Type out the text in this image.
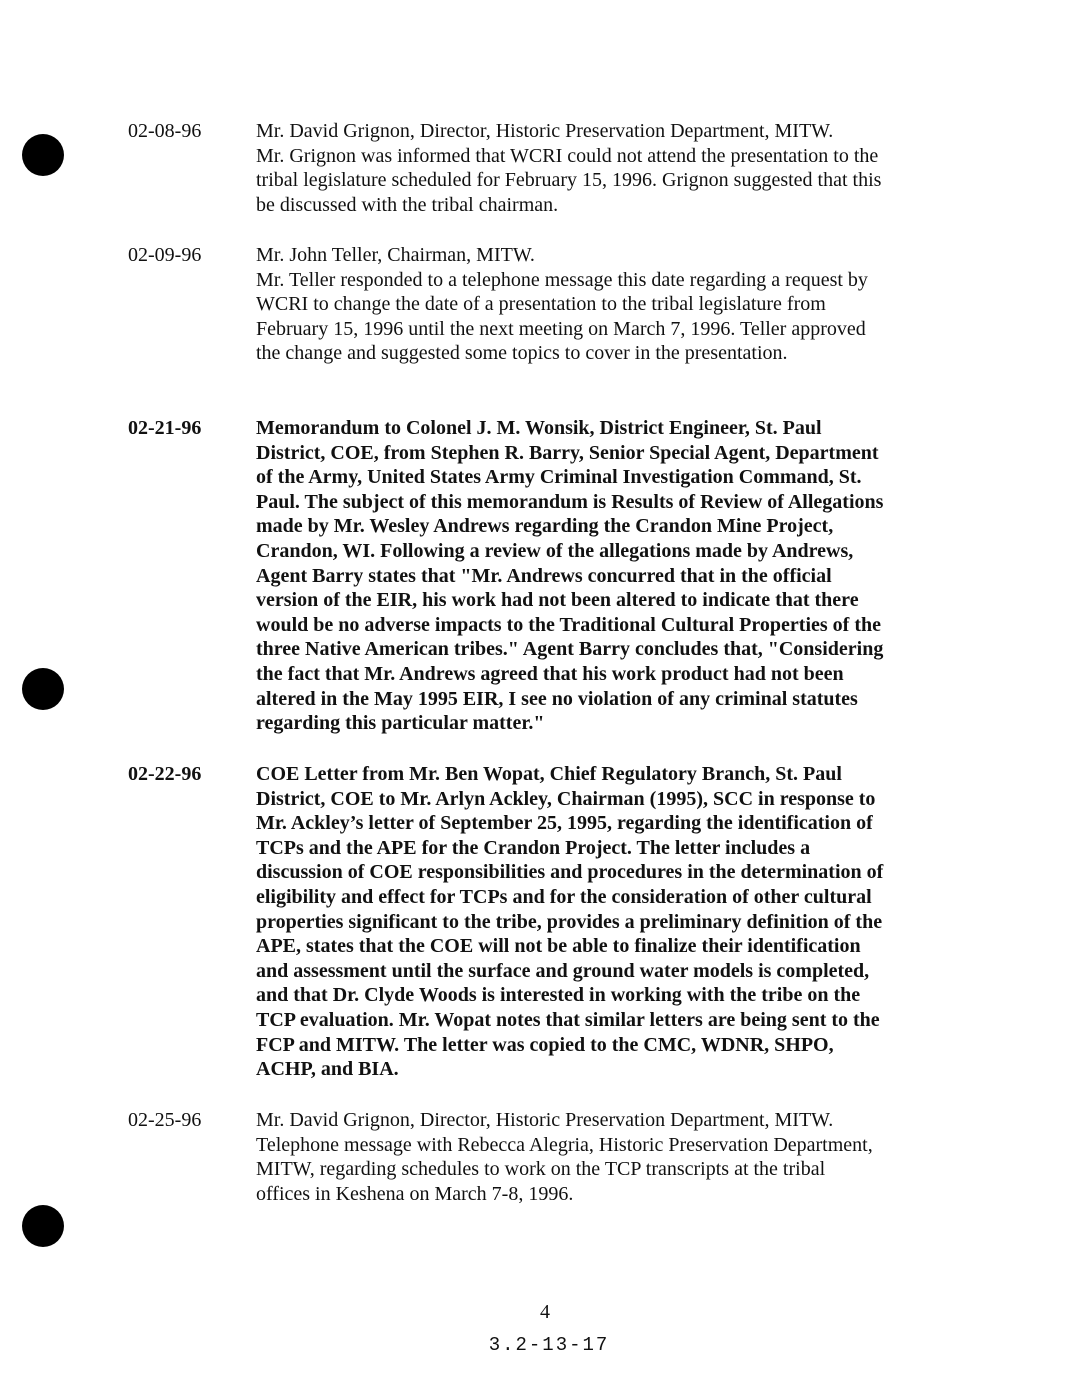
02-08-96	Mr. David Grignon, Director, Historic Preservation Department, MITW.
Mr. Grignon was informed that WCRI could not attend the presentation to the
tribal legislature scheduled for February 15, 1996. Grignon suggested that this
be discussed with the tribal chairman.
02-09-96	Mr. John Teller, Chairman, MITW.
Mr. Teller responded to a telephone message this date regarding a request by
WCRI to change the date of a presentation to the tribal legislature from
February 15, 1996 until the next meeting on March 7, 1996. Teller approved
the change and suggested some topics to cover in the presentation.
02-21-96	Memorandum to Colonel J. M. Wonsik, District Engineer, St. Paul
District, COE, from Stephen R. Barry, Senior Special Agent, Department
of the Army, United States Army Criminal Investigation Command, St.
Paul. The subject of this memorandum is Results of Review of Allegations
made by Mr. Wesley Andrews regarding the Crandon Mine Project,
Crandon, WI. Following a review of the allegations made by Andrews,
Agent Barry states that "Mr. Andrews concurred that in the official
version of the EIR, his work had not been altered to indicate that there
would be no adverse impacts to the Traditional Cultural Properties of the
three Native American tribes." Agent Barry concludes that, "Considering
the fact that Mr. Andrews agreed that his work product had not been
altered in the May 1995 EIR, I see no violation of any criminal statutes
regarding this particular matter."
02-22-96	COE Letter from Mr. Ben Wopat, Chief Regulatory Branch, St. Paul
District, COE to Mr. Arlyn Ackley, Chairman (1995), SCC in response to
Mr. Ackley’s letter of September 25, 1995, regarding the identification of
TCPs and the APE for the Crandon Project. The letter includes a
discussion of COE responsibilities and procedures in the determination of
eligibility and effect for TCPs and for the consideration of other cultural
properties significant to the tribe, provides a preliminary definition of the
APE, states that the COE will not be able to finalize their identification
and assessment until the surface and ground water models is completed,
and that Dr. Clyde Woods is interested in working with the tribe on the
TCP evaluation. Mr. Wopat notes that similar letters are being sent to the
FCP and MITW. The letter was copied to the CMC, WDNR, SHPO,
ACHP, and BIA.
02-25-96	Mr. David Grignon, Director, Historic Preservation Department, MITW.
Telephone message with Rebecca Alegria, Historic Preservation Department,
MITW, regarding schedules to work on the TCP transcripts at the tribal
offices in Keshena on March 7-8, 1996.
4
3.2-13-17
